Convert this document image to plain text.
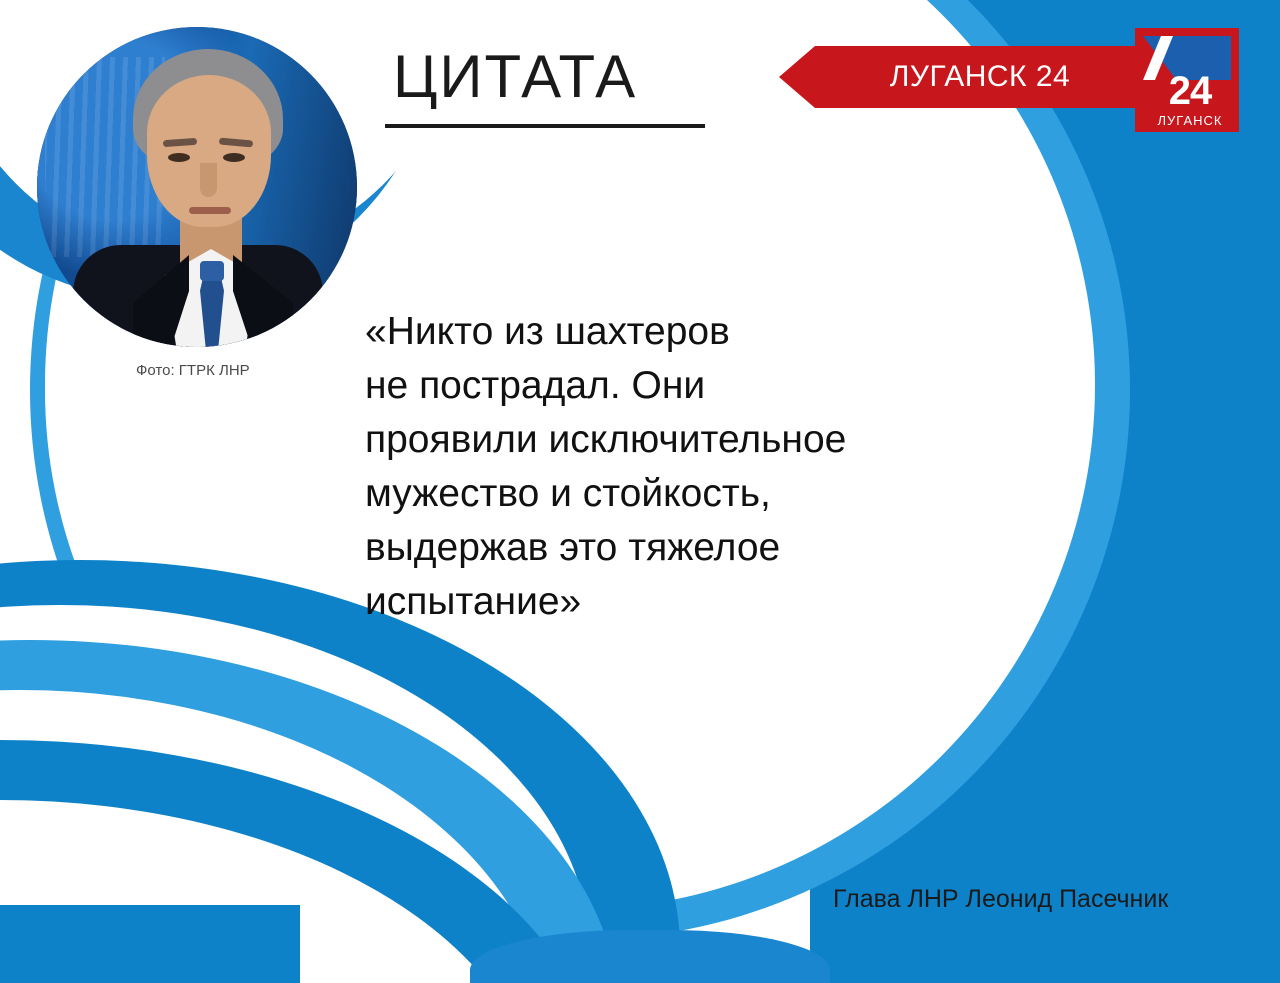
ЛУГАНСК 24	24
ЛУГАНСК
ЦИТАТА
Фото: ГТРК ЛНР

«Никто из шахтеров

не пострадал. Они

проявили исключительное

мужество и стойкость,

выдержав это тяжелое

испытание»

Глава ЛНР Леонид Пасечник
